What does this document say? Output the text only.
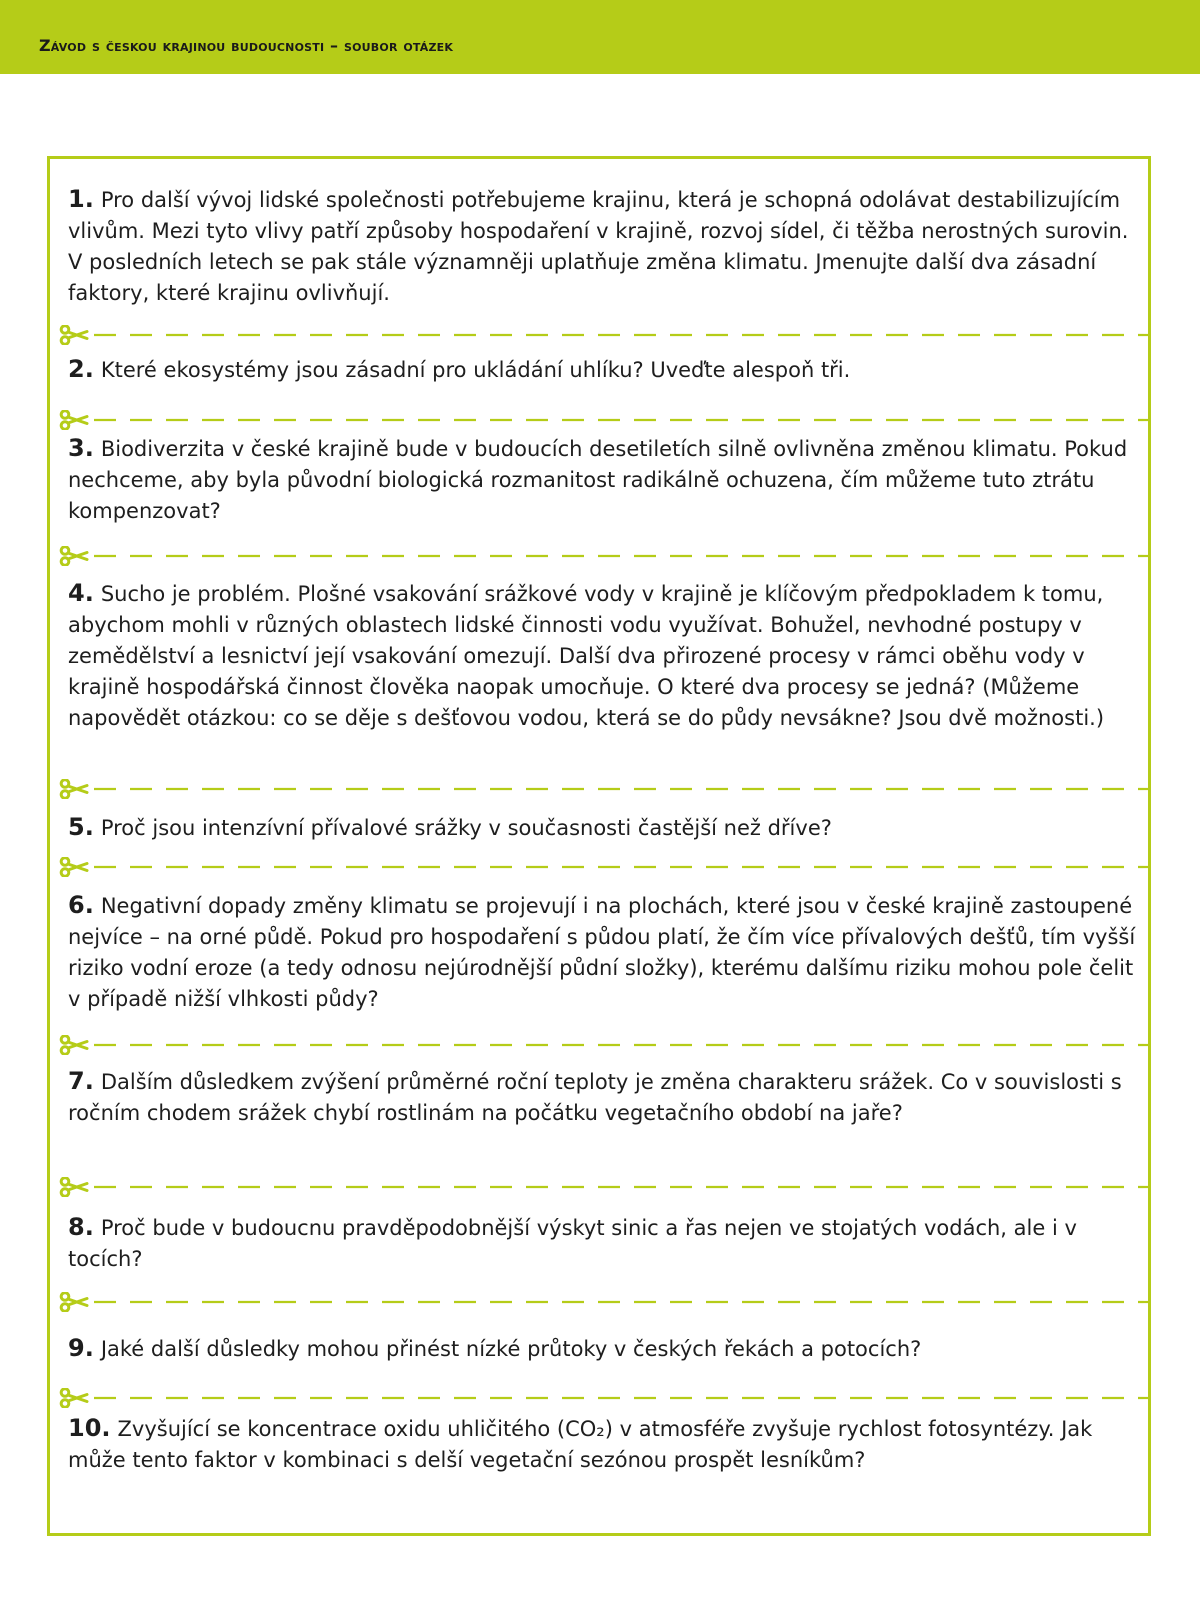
Závod s českou krajinou budoucnosti – soubor otázek

1. Pro další vývoj lidské společnosti potřebujeme krajinu, která je schopná odolávat destabilizujícím vlivům. Mezi tyto vlivy patří způsoby hospodaření v krajině, rozvoj sídel, či těžba nerostných surovin. V posledních letech se pak stále významněji uplatňuje změna klimatu. Jmenujte další dva zásadní faktory, které krajinu ovlivňují.

2. Které ekosystémy jsou zásadní pro ukládání uhlíku? Uveďte alespoň tři.

3. Biodiverzita v české krajině bude v budoucích desetiletích silně ovlivněna změnou klimatu. Pokud nechceme, aby byla původní biologická rozmanitost radikálně ochuzena, čím můžeme tuto ztrátu kompenzovat?

4. Sucho je problém. Plošné vsakování srážkové vody v krajině je klíčovým předpokladem k tomu, abychom mohli v různých oblastech lidské činnosti vodu využívat. Bohužel, nevhodné postupy v zemědělství a lesnictví její vsakování omezují. Další dva přirozené procesy v rámci oběhu vody v krajině hospodářská činnost člověka naopak umocňuje. O které dva procesy se jedná? (Můžeme napovědět otázkou: co se děje s dešťovou vodou, která se do půdy nevsákne? Jsou dvě možnosti.)

5. Proč jsou intenzívní přívalové srážky v současnosti častější než dříve?

6. Negativní dopady změny klimatu se projevují i na plochách, které jsou v české krajině zastoupené nejvíce – na orné půdě. Pokud pro hospodaření s půdou platí, že čím více přívalových dešťů, tím vyšší riziko vodní eroze (a tedy odnosu nejúrodnější půdní složky), kterému dalšímu riziku mohou pole čelit v případě nižší vlhkosti půdy?

7. Dalším důsledkem zvýšení průměrné roční teploty je změna charakteru srážek. Co v souvislosti s ročním chodem srážek chybí rostlinám na počátku vegetačního období na jaře?

8. Proč bude v budoucnu pravděpodobnější výskyt sinic a řas nejen ve stojatých vodách, ale i v tocích?

9. Jaké další důsledky mohou přinést nízké průtoky v českých řekách a potocích?

10. Zvyšující se koncentrace oxidu uhličitého (CO₂) v atmosféře zvyšuje rychlost fotosyntézy. Jak může tento faktor v kombinaci s delší vegetační sezónou prospět lesníkům?
